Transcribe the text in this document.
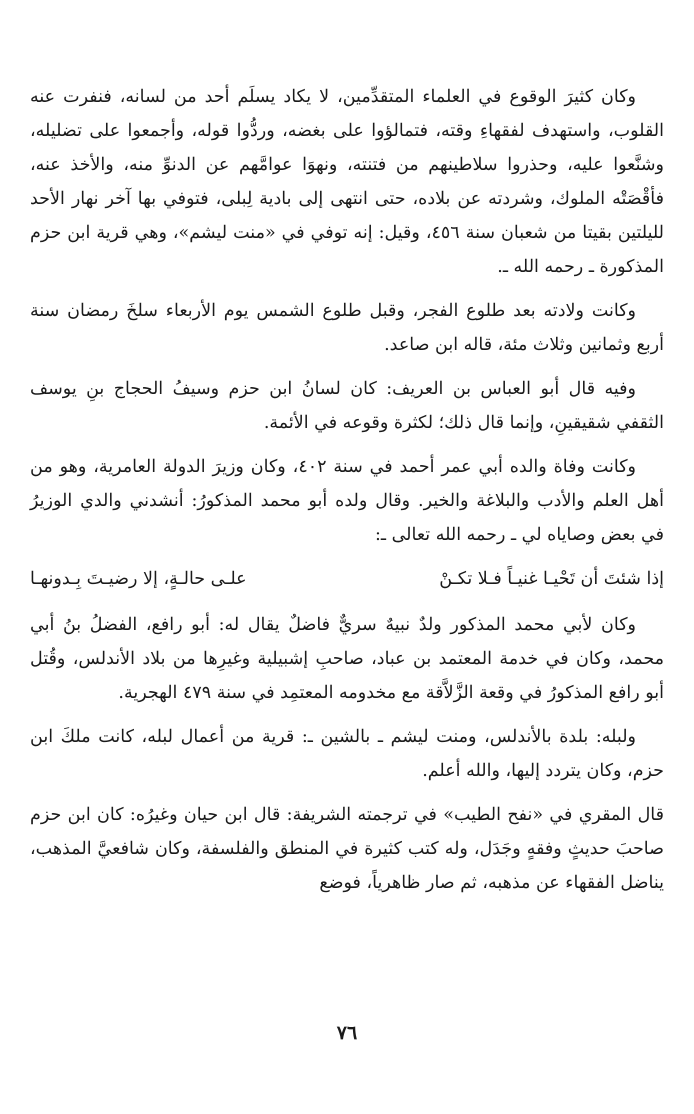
وكان كثيرَ الوقوع في العلماء المتقدِّمين، لا يكاد يسلَم أحد من لسانه، فنفرت عنه القلوب، واستهدف لفقهاءِ وقته، فتمالؤوا على بغضه، وردُّوا قوله، وأجمعوا على تضليله، وشنَّعوا عليه، وحذروا سلاطينهم من فتنته، ونهوَا عوامَّهم عن الدنوِّ منه، والأخذ عنه، فأقْصَتْه الملوك، وشردته عن بلاده، حتى انتهى إلى بادية لِبلى، فتوفي بها آخر نهار الأحد لليلتين بقيتا من شعبان سنة ٤٥٦، وقيل: إنه توفي في «منت ليشم»، وهي قرية ابن حزم المذكورة ـ رحمه الله ـ.

وكانت ولادته بعد طلوع الفجر، وقبل طلوع الشمس يوم الأربعاء سلخَ رمضان سنة أربع وثمانين وثلاث مئة، قاله ابن صاعد.

وفيه قال أبو العباس بن العريف: كان لسانُ ابن حزم وسيفُ الحجاج بنِ يوسف الثقفي شقيقينِ، وإنما قال ذلك؛ لكثرة وقوعه في الأئمة.

وكانت وفاة والده أبي عمر أحمد في سنة ٤٠٢، وكان وزيرَ الدولة العامرية، وهو من أهل العلم والأدب والبلاغة والخير. وقال ولده أبو محمد المذكورُ: أنشدني والدي الوزيرُ في بعض وصاياه لي ـ رحمه الله تعالى ـ:

إذا شئتَ أن تَحْيـا غنيـاً فـلا تكـنْ
علـى حالـةٍ، إلا رضيـتَ بِـدونهـا

وكان لأبي محمد المذكور ولدٌ نبيهٌ سريٌّ فاضلٌ يقال له: أبو رافع، الفضلُ بنُ أبي محمد، وكان في خدمة المعتمد بن عباد، صاحبِ إشبيلية وغيرِها من بلاد الأندلس، وقُتل أبو رافع المذكورُ في وقعة الزَّلاَّقة مع مخدومه المعتمِد في سنة ٤٧٩ الهجرية.

ولبله: بلدة بالأندلس، ومنت ليشم ـ بالشين ـ: قرية من أعمال لبله، كانت ملكَ ابن حزم، وكان يتردد إليها، والله أعلم.

قال المقري في «نفح الطيب» في ترجمته الشريفة: قال ابن حيان وغيرُه: كان ابن حزم صاحبَ حديثٍ وفقهٍ وجَدَل، وله كتب كثيرة في المنطق والفلسفة، وكان شافعيَّ المذهب، يناضل الفقهاء عن مذهبه، ثم صار ظاهرياً، فوضع

٧٦
